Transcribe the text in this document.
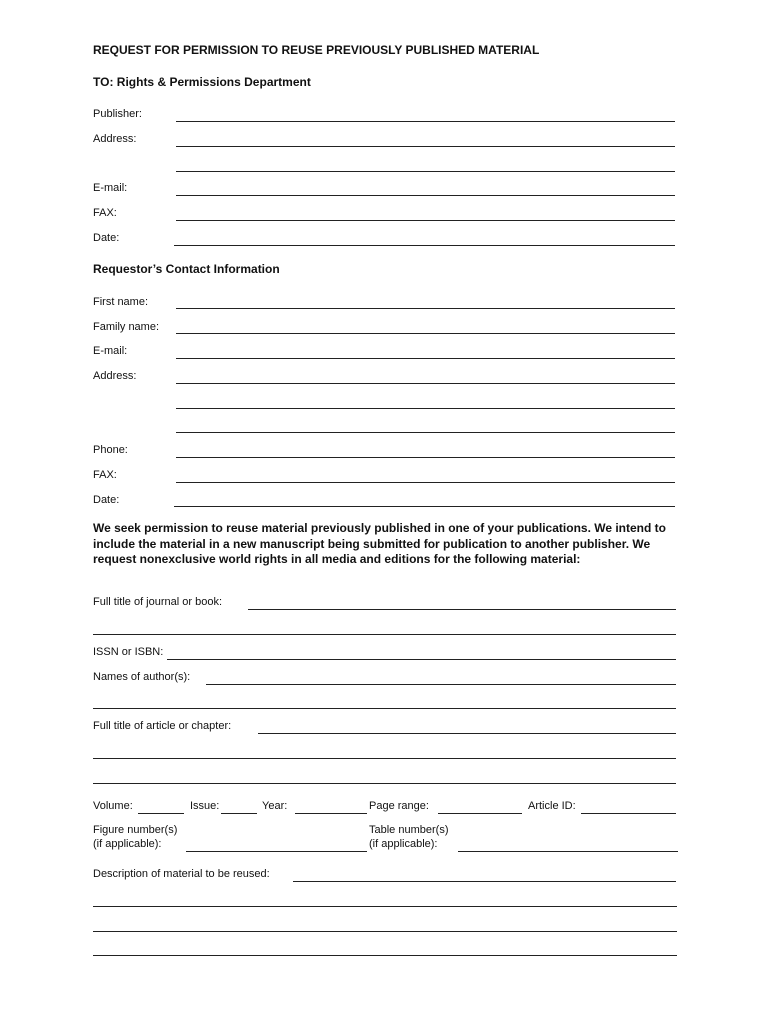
REQUEST FOR PERMISSION TO REUSE PREVIOUSLY PUBLISHED MATERIAL
TO: Rights & Permissions Department
Publisher:
Address:
E-mail:
FAX:
Date:
Requestor’s Contact Information
First name:
Family name:
E-mail:
Address:
Phone:
FAX:
Date:
We seek permission to reuse material previously published in one of your publications. We intend to include the material in a new manuscript being submitted for publication to another publisher. We request nonexclusive world rights in all media and editions for the following material:
Full title of journal or book:
ISSN or ISBN:
Names of author(s):
Full title of article or chapter:
Volume:	Issue:	Year:	Page range:	Article ID:
Figure number(s)
(if applicable):
Table number(s)
(if applicable):
Description of material to be reused:
